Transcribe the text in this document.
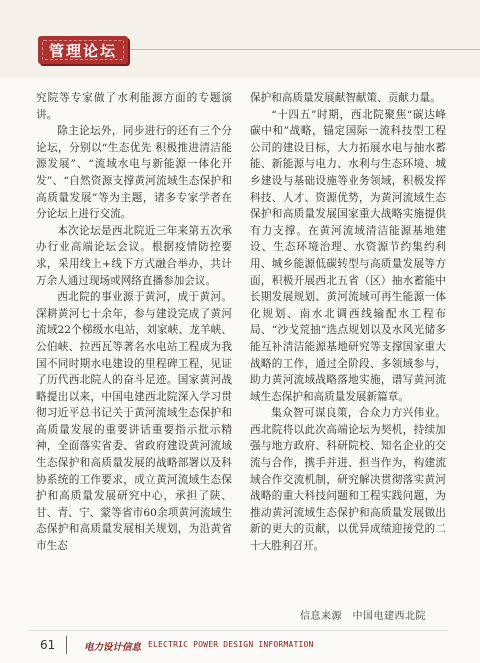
管理论坛

究院等专家做了水利能源方面的专题演讲。

除主论坛外，同步进行的还有三个分论坛，分别以“生态优先 积极推进清洁能源发展”、“流域水电与新能源一体化开发”、“自然资源支撑黄河流域生态保护和高质量发展”等为主题，诸多专家学者在分论坛上进行交流。

本次论坛是西北院近三年来第五次承办行业高端论坛会议。根据疫情防控要求，采用线上+线下方式融合举办，共计万余人通过现场或网络直播参加会议。

西北院的事业源于黄河，成于黄河。深耕黄河七十余年，参与建设完成了黄河流域22个梯级水电站，刘家峡、龙羊峡、公伯峡、拉西瓦等著名水电站工程成为我国不同时期水电建设的里程碑工程，见证了历代西北院人的奋斗足迹。国家黄河战略提出以来，中国电建西北院深入学习贯彻习近平总书记关于黄河流域生态保护和高质量发展的重要讲话重要指示批示精神，全面落实省委、省政府建设黄河流域生态保护和高质量发展的战略部署以及科协系统的工作要求，成立黄河流域生态保护和高质量发展研究中心，承担了陕、甘、青、宁、蒙等省市60余项黄河流域生态保护和高质量发展相关规划，为沿黄省市生态

保护和高质量发展献智献策、贡献力量。

“十四五”时期，西北院聚焦“碳达峰碳中和”战略，锚定国际一流科技型工程公司的建设目标，大力拓展水电与抽水蓄能、新能源与电力、水利与生态环境、城乡建设与基础设施等业务领域，积极发挥科技、人才、资源优势，为黄河流域生态保护和高质量发展国家重大战略实施提供有力支撑。在黄河流域清洁能源基地建设、生态环境治理、水资源节约集约利用、城乡能源低碳转型与高质量发展等方面，积极开展西北五省（区）抽水蓄能中长期发展规划、黄河流域可再生能源一体化规划、南水北调西线输配水工程布局、“沙戈荒抽”选点规划以及水风光储多能互补清洁能源基地研究等支撑国家重大战略的工作，通过全阶段、多领域参与，助力黄河流域战略落地实施，谱写黄河流域生态保护和高质量发展新篇章。

集众智可谋良策，合众力方兴伟业。西北院将以此次高端论坛为契机，持续加强与地方政府、科研院校、知名企业的交流与合作，携手并进、担当作为，构建流域合作交流机制，研究解决贯彻落实黄河战略的重大科技问题和工程实践问题，为推动黄河流域生态保护和高质量发展做出新的更大的贡献，以优异成绩迎接党的二十大胜利召开。

信息来源　中国电建西北院
61	电力设计信息 ELECTRIC POWER DESIGN INFORMATION
